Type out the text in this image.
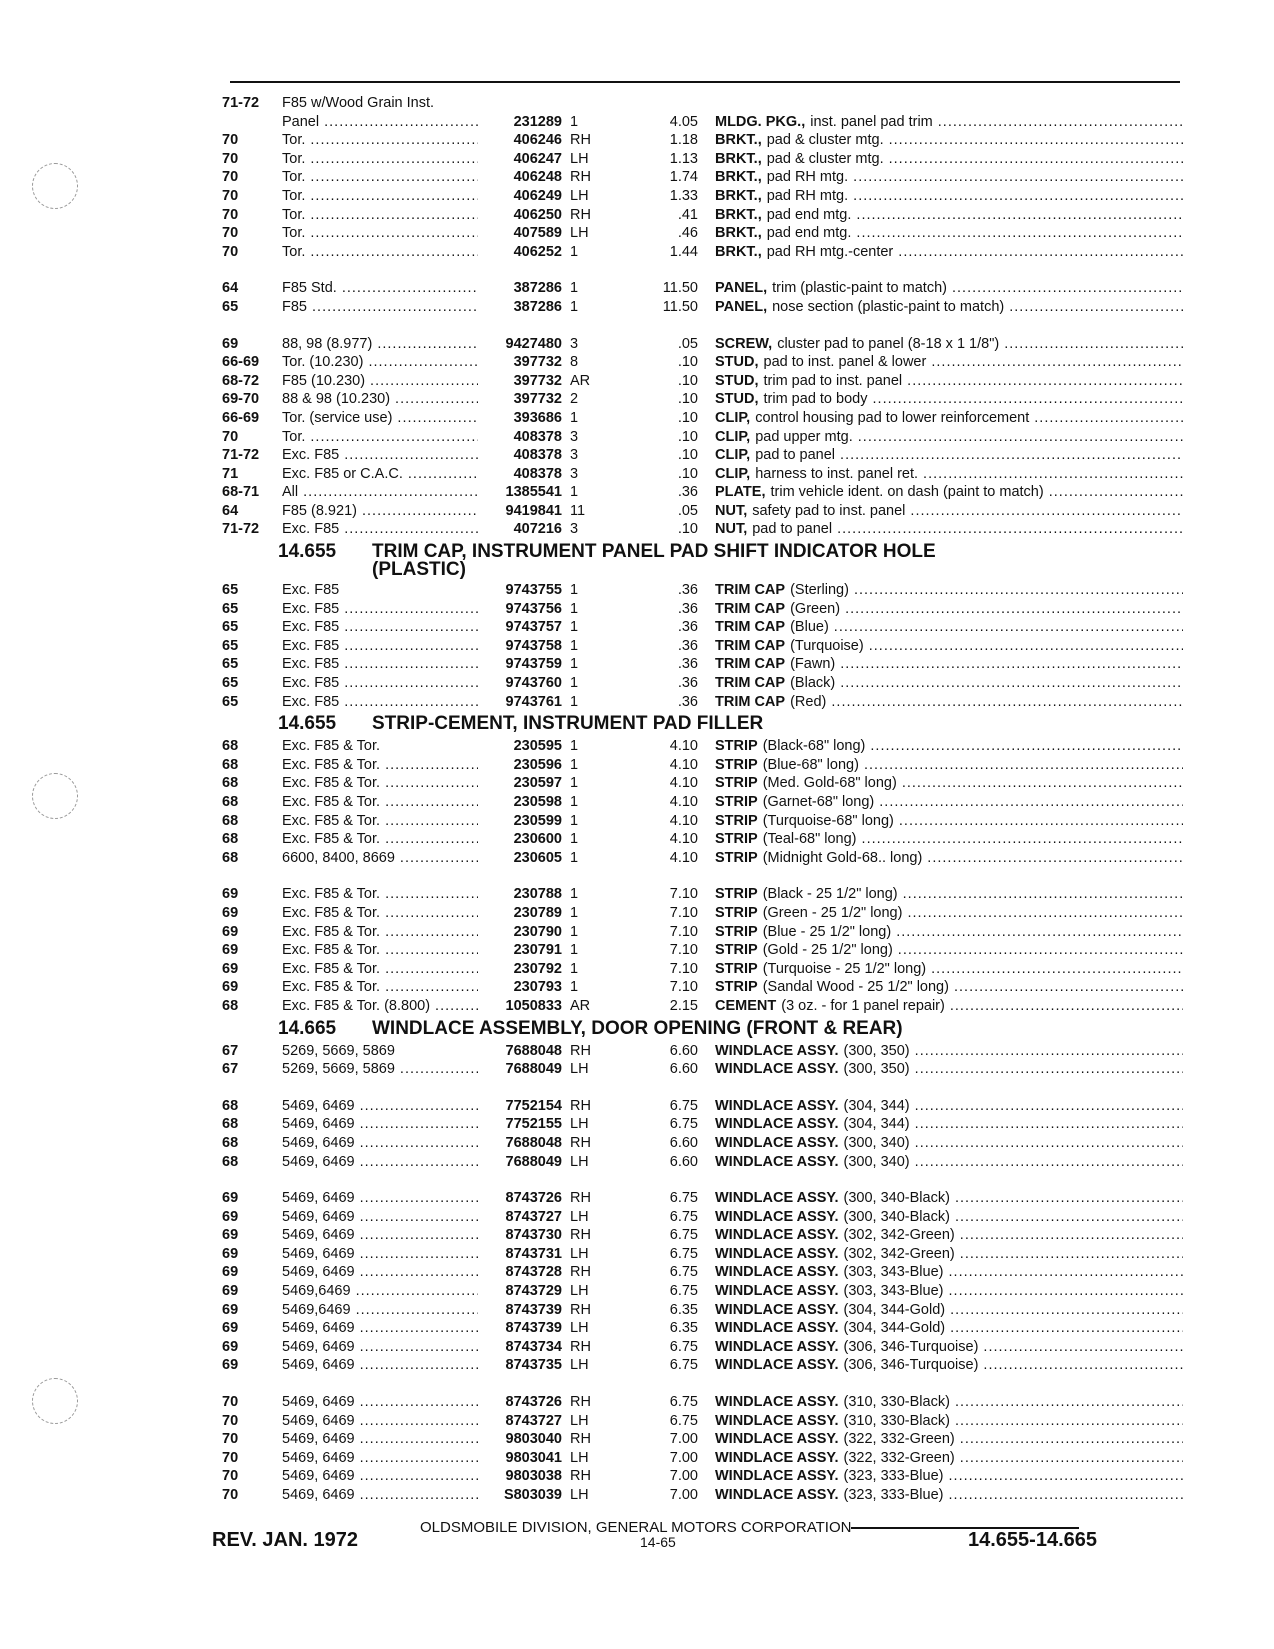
71-72 F85 w/Wood Grain Inst.
Panel .....	231289 1	4.05 MLDG. PKG., inst. panel pad trim .....
70	Tor. .....	406246 RH	1.18 BRKT., pad & cluster mtg. .....
70	Tor. .....	406247 LH	1.13 BRKT., pad & cluster mtg. .....
70	Tor. .....	406248 RH	1.74 BRKT., pad RH mtg. .....
70	Tor. .....	406249 LH	1.33 BRKT., pad RH mtg. .....
70	Tor. .....	406250 RH	.41 BRKT., pad end mtg. .....
70	Tor. .....	407589 LH	.46 BRKT., pad end mtg. .....
70	Tor. .....	406252 1	1.44 BRKT., pad RH mtg.-center .....
64	F85 Std. .....	387286 1	11.50 PANEL, trim (plastic-paint to match) .....
65	F85 .....	387286 1	11.50 PANEL, nose section (plastic-paint to match) .....
69	88, 98 (8.977) .....	9427480 3	.05 SCREW, cluster pad to panel (8-18 x 1 1/8") .....
66-69 Tor. (10.230) .....	397732 8	.10 STUD, pad to inst. panel & lower .....
68-72 F85 (10.230) .....	397732 AR	.10 STUD, trim pad to inst. panel .....
69-70 88 & 98 (10.230) .....	397732 2	.10 STUD, trim pad to body .....
66-69 Tor. (service use) .....	393686 1	.10 CLIP, control housing pad to lower reinforcement .....
70	Tor. .....	408378 3	.10 CLIP, pad upper mtg. .....
71-72 Exc. F85 .....	408378 3	.10 CLIP, pad to panel .....
71	Exc. F85 or C.A.C. .....	408378 3	.10 CLIP, harness to inst. panel ret. .....
68-71 All .....	1385541 1	.36 PLATE, trim vehicle ident. on dash (paint to match) .....
64	F85 (8.921) .....	9419841 11	.05 NUT, safety pad to inst. panel .....
71-72 Exc. F85 .....	407216 3	.10 NUT, pad to panel .....
14.655 TRIM CAP, INSTRUMENT PANEL PAD SHIFT INDICATOR HOLE
(PLASTIC)
65	Exc. F85	9743755 1	.36 TRIM CAP (Sterling) .....
65	Exc. F85 .....	9743756 1	.36 TRIM CAP (Green) .....
65	Exc. F85 .....	9743757 1	.36 TRIM CAP (Blue) .....
65	Exc. F85 .....	9743758 1	.36 TRIM CAP (Turquoise) .....
65	Exc. F85 .....	9743759 1	.36 TRIM CAP (Fawn) .....
65	Exc. F85 .....	9743760 1	.36 TRIM CAP (Black) .....
65	Exc. F85 .....	9743761 1	.36 TRIM CAP (Red) .....
14.655 STRIP-CEMENT, INSTRUMENT PAD FILLER
68	Exc. F85 & Tor.	230595 1	4.10 STRIP (Black-68" long) .....
68	Exc. F85 & Tor. .....	230596 1	4.10 STRIP (Blue-68" long) .....
68	Exc. F85 & Tor. .....	230597 1	4.10 STRIP (Med. Gold-68" long) .....
68	Exc. F85 & Tor. .....	230598 1	4.10 STRIP (Garnet-68" long) .....
68	Exc. F85 & Tor. .....	230599 1	4.10 STRIP (Turquoise-68" long) .....
68	Exc. F85 & Tor. .....	230600 1	4.10 STRIP (Teal-68" long) .....
68	6600, 8400, 8669 .....	230605 1	4.10 STRIP (Midnight Gold-68.. long) .....
69	Exc. F85 & Tor. .....	230788 1	7.10 STRIP (Black - 25 1/2" long) .....
69	Exc. F85 & Tor. .....	230789 1	7.10 STRIP (Green - 25 1/2" long) .....
69	Exc. F85 & Tor. .....	230790 1	7.10 STRIP (Blue - 25 1/2" long) .....
69	Exc. F85 & Tor. .....	230791 1	7.10 STRIP (Gold - 25 1/2" long) .....
69	Exc. F85 & Tor. .....	230792 1	7.10 STRIP (Turquoise - 25 1/2" long) .....
69	Exc. F85 & Tor. .....	230793 1	7.10 STRIP (Sandal Wood - 25 1/2" long) .....
68	Exc. F85 & Tor. (8.800) .....	1050833 AR	2.15 CEMENT (3 oz. - for 1 panel repair) .....
14.665 WINDLACE ASSEMBLY, DOOR OPENING (FRONT & REAR)
67	5269, 5669, 5869	7688048 RH	6.60 WINDLACE ASSY. (300, 350) .....
67	5269, 5669, 5869 .....	7688049 LH	6.60 WINDLACE ASSY. (300, 350) .....
68	5469, 6469 .....	7752154 RH	6.75 WINDLACE ASSY. (304, 344) .....
68	5469, 6469 .....	7752155 LH	6.75 WINDLACE ASSY. (304, 344) .....
68	5469, 6469 .....	7688048 RH	6.60 WINDLACE ASSY. (300, 340) .....
68	5469, 6469 .....	7688049 LH	6.60 WINDLACE ASSY. (300, 340) .....
69	5469, 6469 .....	8743726 RH	6.75 WINDLACE ASSY. (300, 340-Black) .....
69	5469, 6469 .....	8743727 LH	6.75 WINDLACE ASSY. (300, 340-Black) .....
69	5469, 6469 .....	8743730 RH	6.75 WINDLACE ASSY. (302, 342-Green) .....
69	5469, 6469 .....	8743731 LH	6.75 WINDLACE ASSY. (302, 342-Green) .....
69	5469, 6469 .....	8743728 RH	6.75 WINDLACE ASSY. (303, 343-Blue) .....
69	5469,6469 .....	8743729 LH	6.75 WINDLACE ASSY. (303, 343-Blue) .....
69	5469,6469 .....	8743739 RH	6.35 WINDLACE ASSY. (304, 344-Gold) .....
69	5469, 6469 .....	8743739 LH	6.35 WINDLACE ASSY. (304, 344-Gold) .....
69	5469, 6469 .....	8743734 RH	6.75 WINDLACE ASSY. (306, 346-Turquoise) .....
69	5469, 6469 .....	8743735 LH	6.75 WINDLACE ASSY. (306, 346-Turquoise) .....
70	5469, 6469 .....	8743726 RH	6.75 WINDLACE ASSY. (310, 330-Black) .....
70	5469, 6469 .....	8743727 LH	6.75 WINDLACE ASSY. (310, 330-Black) .....
70	5469, 6469 .....	9803040 RH	7.00 WINDLACE ASSY. (322, 332-Green) .....
70	5469, 6469 .....	9803041 LH	7.00 WINDLACE ASSY. (322, 332-Green) .....
70	5469, 6469 .....	9803038 RH	7.00 WINDLACE ASSY. (323, 333-Blue) .....
70	5469, 6469 .....	S803039 LH	7.00 WINDLACE ASSY. (323, 333-Blue) .....
OLDSMOBILE DIVISION, GENERAL MOTORS CORPORATION
REV. JAN. 1972	14-65	14.655-14.665
